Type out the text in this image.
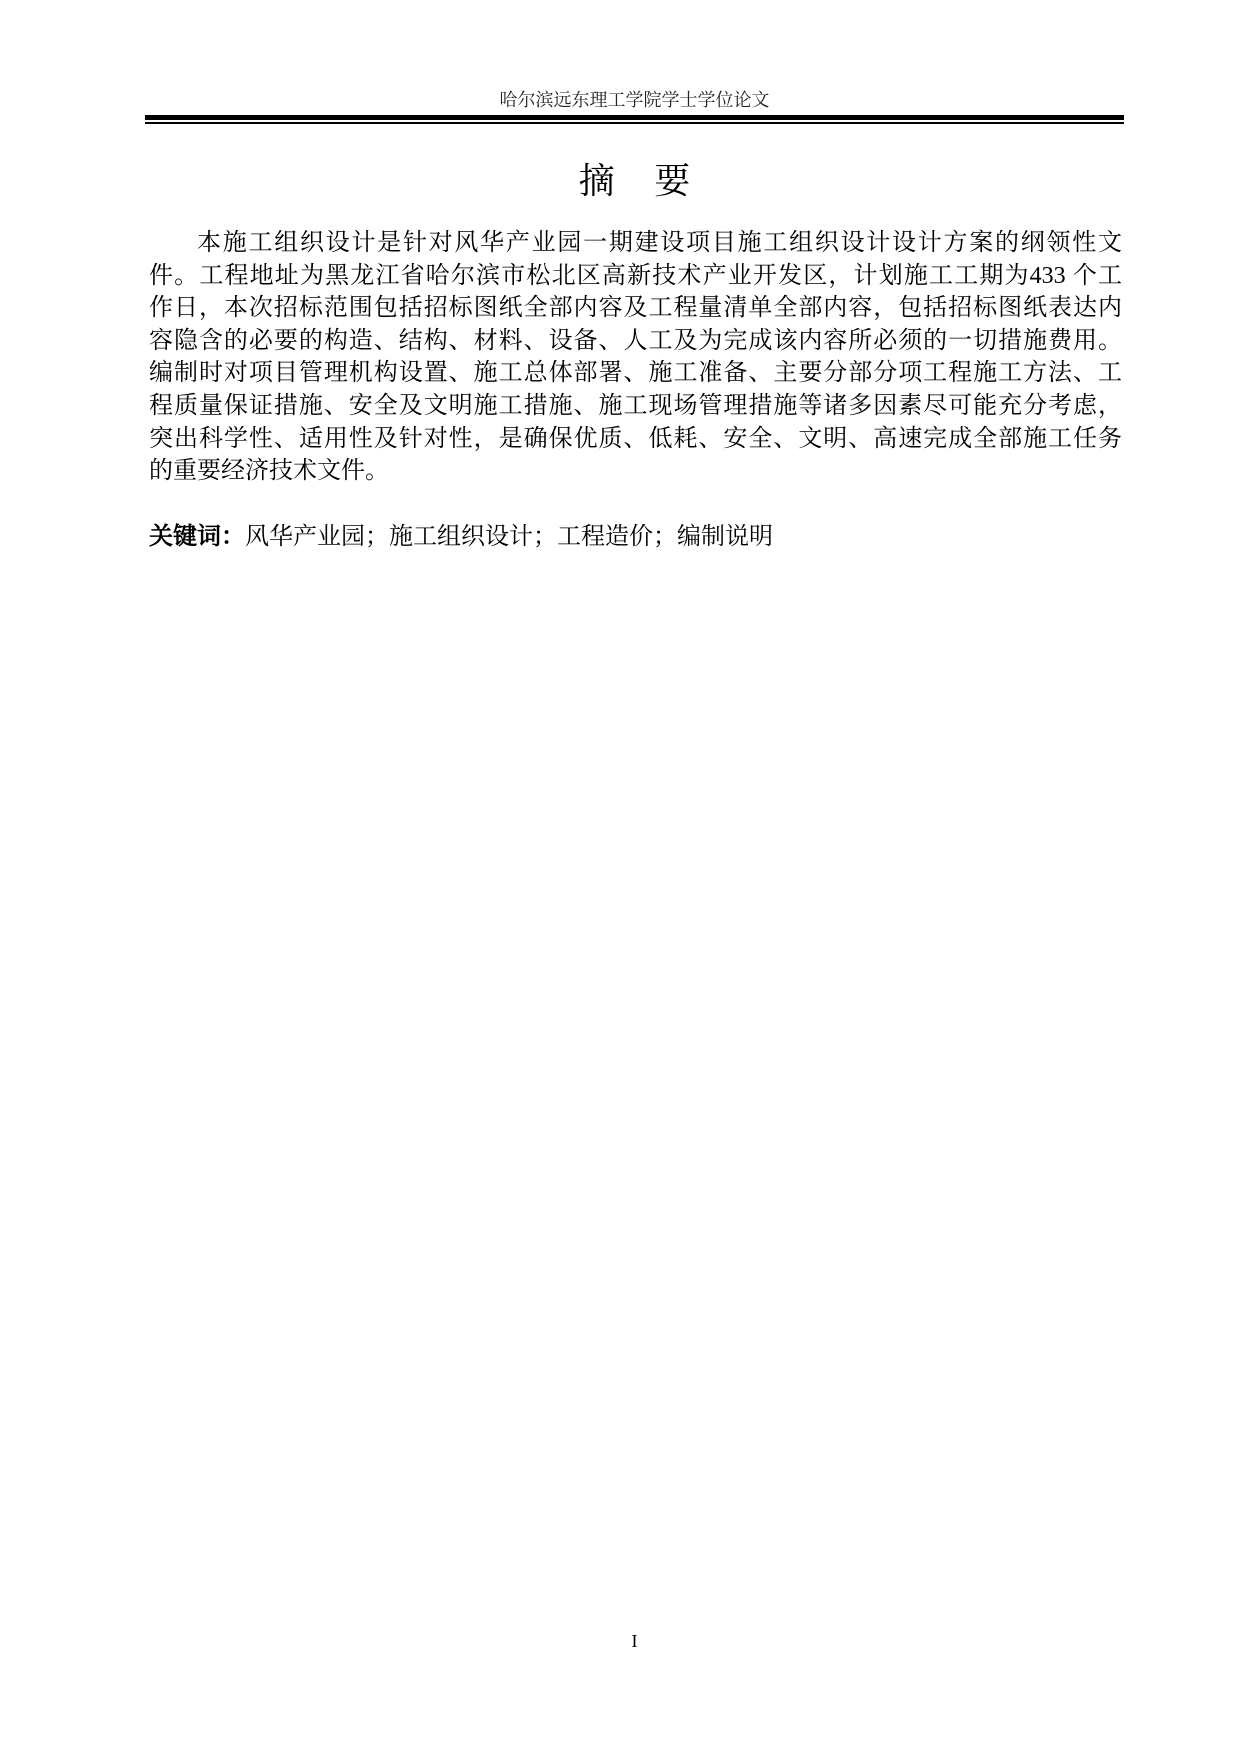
哈尔滨远东理工学院学士学位论文
摘 要
本施工组织设计是针对风华产业园一期建设项目施工组织设计设计方案的纲领性文
件。工程地址为黑龙江省哈尔滨市松北区高新技术产业开发区，计划施工工期为433 个工
作日，本次招标范围包括招标图纸全部内容及工程量清单全部内容，包括招标图纸表达内
容隐含的必要的构造、结构、材料、设备、人工及为完成该内容所必须的一切措施费用。
编制时对项目管理机构设置、施工总体部署、施工准备、主要分部分项工程施工方法、工
程质量保证措施、安全及文明施工措施、施工现场管理措施等诸多因素尽可能充分考虑，
突出科学性、适用性及针对性，是确保优质、低耗、安全、文明、高速完成全部施工任务
的重要经济技术文件。
关键词：风华产业园；施工组织设计；工程造价；编制说明
I
